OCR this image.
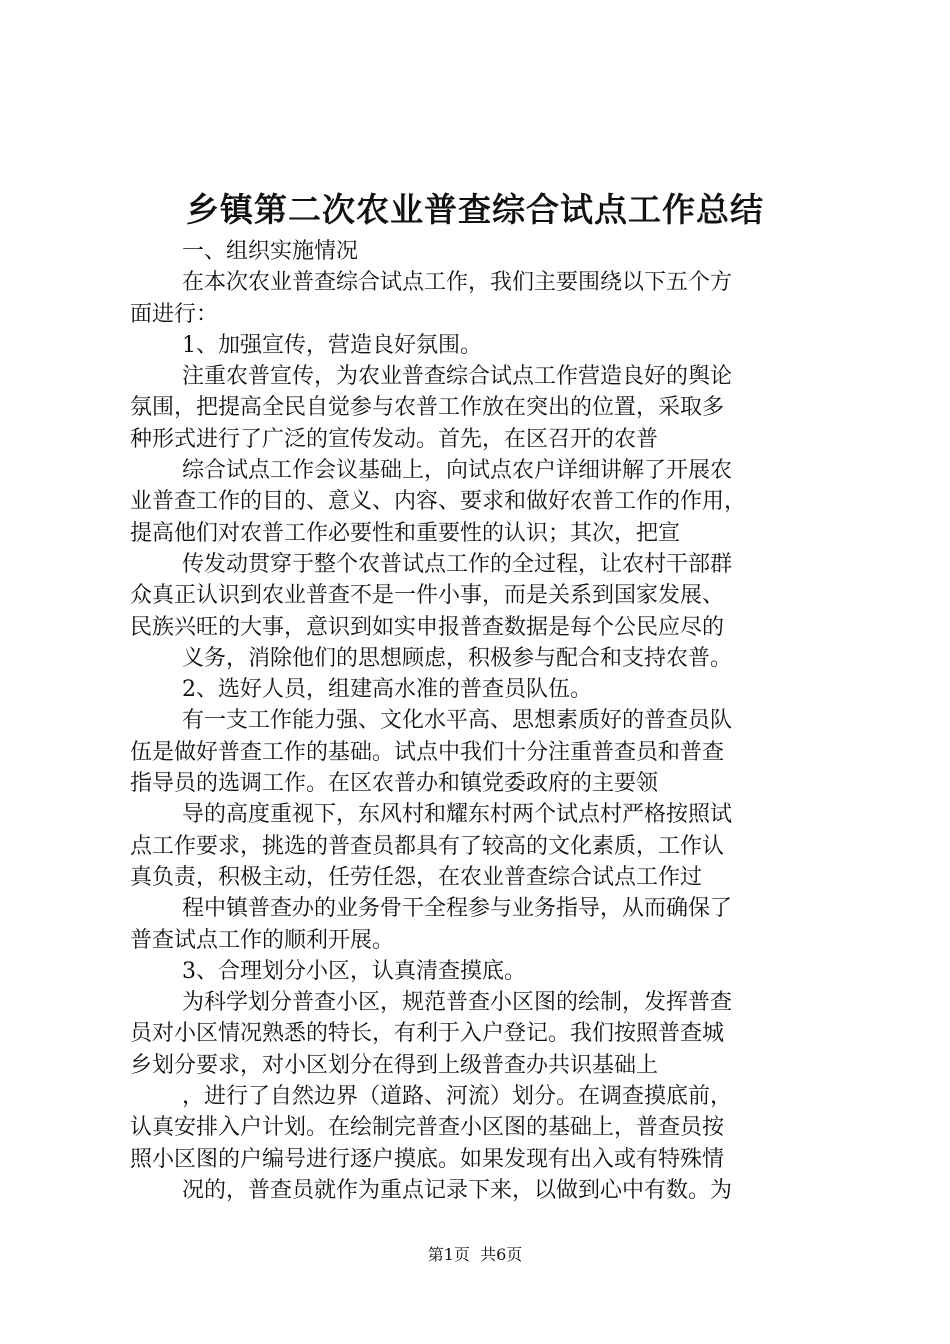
乡镇第二次农业普查综合试点工作总结
一、组织实施情况
在本次农业普查综合试点工作，我们主要围绕以下五个方
面进行：
1、加强宣传，营造良好氛围。
注重农普宣传，为农业普查综合试点工作营造良好的舆论
氛围，把提高全民自觉参与农普工作放在突出的位置，采取多
种形式进行了广泛的宣传发动。首先，在区召开的农普
综合试点工作会议基础上，向试点农户详细讲解了开展农
业普查工作的目的、意义、内容、要求和做好农普工作的作用，
提高他们对农普工作必要性和重要性的认识；其次，把宣
传发动贯穿于整个农普试点工作的全过程，让农村干部群
众真正认识到农业普查不是一件小事，而是关系到国家发展、
民族兴旺的大事，意识到如实申报普查数据是每个公民应尽的
义务，消除他们的思想顾虑，积极参与配合和支持农普。
2、选好人员，组建高水准的普查员队伍。
有一支工作能力强、文化水平高、思想素质好的普查员队
伍是做好普查工作的基础。试点中我们十分注重普查员和普查
指导员的选调工作。在区农普办和镇党委政府的主要领
导的高度重视下，东风村和耀东村两个试点村严格按照试
点工作要求，挑选的普查员都具有了较高的文化素质，工作认
真负责，积极主动，任劳任怨，在农业普查综合试点工作过
程中镇普查办的业务骨干全程参与业务指导，从而确保了
普查试点工作的顺利开展。
3、合理划分小区，认真清查摸底。
为科学划分普查小区，规范普查小区图的绘制，发挥普查
员对小区情况熟悉的特长，有利于入户登记。我们按照普查城
乡划分要求，对小区划分在得到上级普查办共识基础上
，进行了自然边界（道路、河流）划分。在调查摸底前，
认真安排入户计划。在绘制完普查小区图的基础上，普查员按
照小区图的户编号进行逐户摸底。如果发现有出入或有特殊情
况的，普查员就作为重点记录下来，以做到心中有数。为
第1页  共6页
